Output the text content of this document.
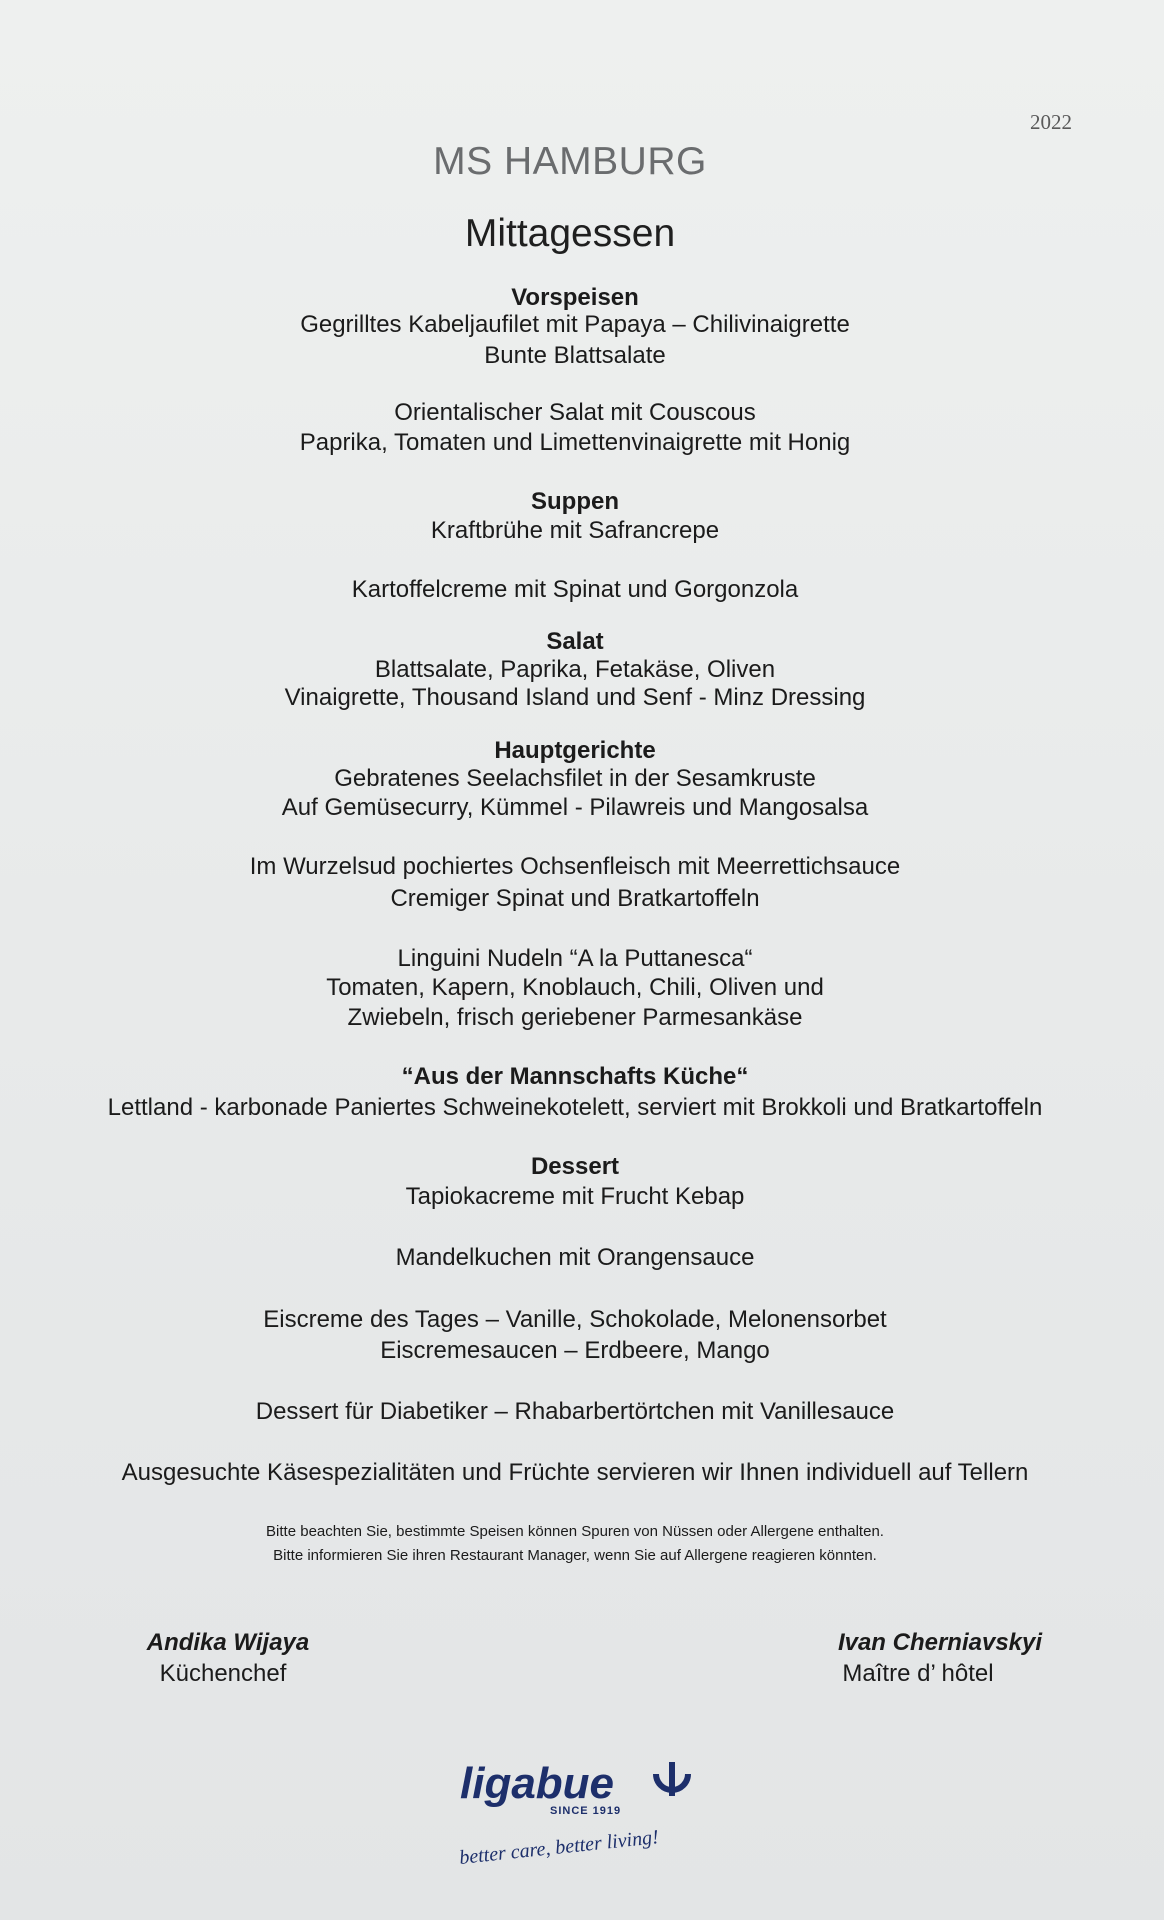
2022
MS HAMBURG
Mittagessen
Vorspeisen
Gegrilltes Kabeljaufilet mit Papaya – Chilivinaigrette
Bunte Blattsalate
Orientalischer Salat mit Couscous
Paprika, Tomaten und Limettenvinaigrette mit Honig
Suppen
Kraftbrühe mit Safrancrepe
Kartoffelcreme mit Spinat und Gorgonzola
Salat
Blattsalate, Paprika, Fetakäse, Oliven
Vinaigrette, Thousand Island und Senf - Minz Dressing
Hauptgerichte
Gebratenes Seelachsfilet in der Sesamkruste
Auf Gemüsecurry, Kümmel - Pilawreis und Mangosalsa
Im Wurzelsud pochiertes Ochsenfleisch mit Meerrettichsauce
Cremiger Spinat und Bratkartoffeln
Linguini Nudeln “A la Puttanesca“
Tomaten, Kapern, Knoblauch, Chili, Oliven und
Zwiebeln, frisch geriebener Parmesankäse
“Aus der Mannschafts Küche“
Lettland - karbonade Paniertes Schweinekotelett, serviert mit Brokkoli und Bratkartoffeln
Dessert
Tapiokacreme mit Frucht Kebap
Mandelkuchen mit Orangensauce
Eiscreme des Tages – Vanille, Schokolade, Melonensorbet
Eiscremesaucen – Erdbeere, Mango
Dessert für Diabetiker – Rhabarbertörtchen mit Vanillesauce
Ausgesuchte Käsespezialitäten und Früchte servieren wir Ihnen individuell auf Tellern
Bitte beachten Sie, bestimmte Speisen können Spuren von Nüssen oder Allergene enthalten.
Bitte informieren Sie ihren Restaurant Manager, wenn Sie auf Allergene reagieren könnten.
Andika Wijaya
Küchenchef
Ivan Cherniavskyi
Maître d’ hôtel
ligabue
SINCE 1919
better care, better living!
